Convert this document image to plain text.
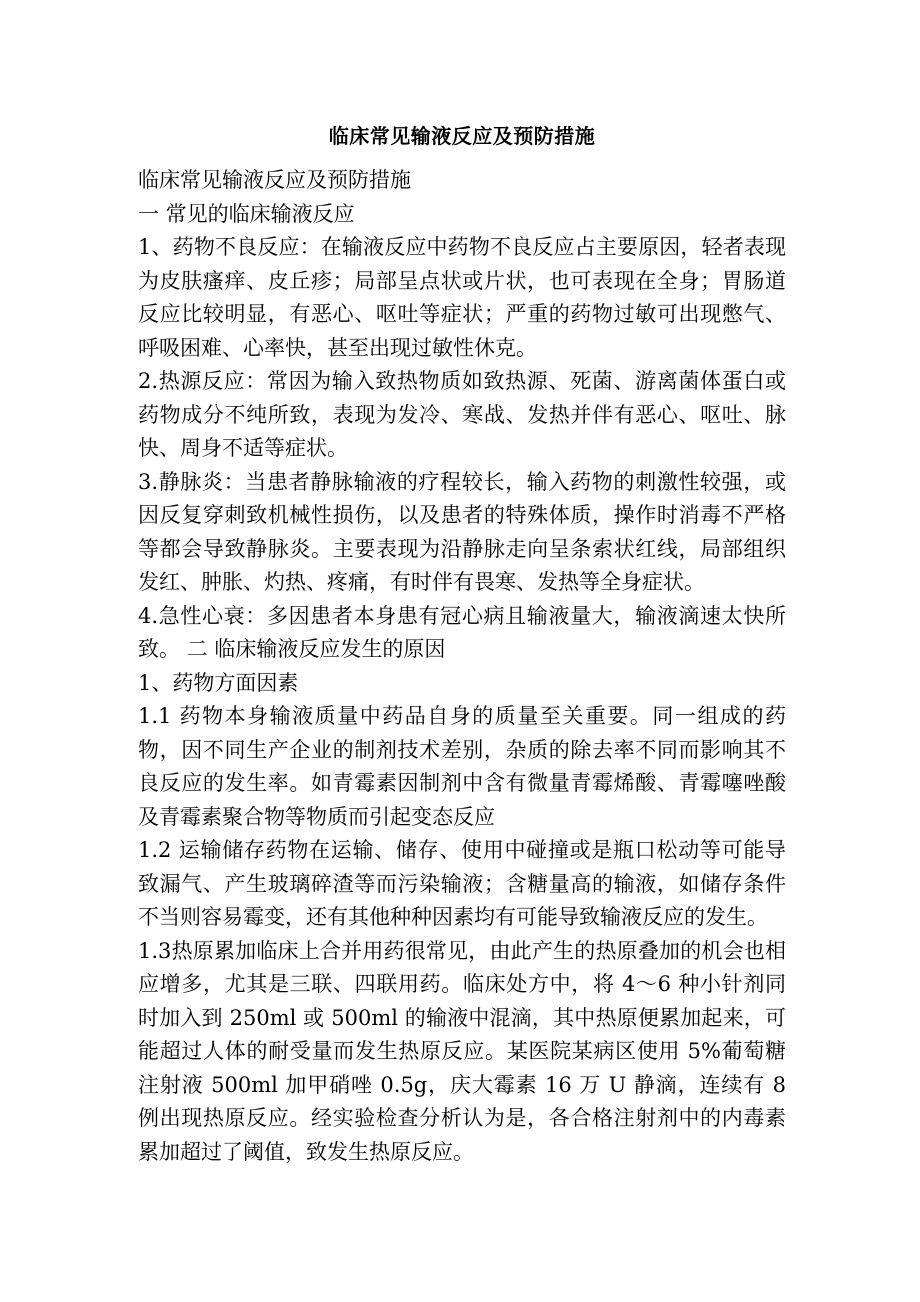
临床常见输液反应及预防措施

临床常见输液反应及预防措施

一 常见的临床输液反应

1、药物不良反应：在输液反应中药物不良反应占主要原因，轻者表现为皮肤瘙痒、皮丘疹；局部呈点状或片状，也可表现在全身；胃肠道反应比较明显，有恶心、呕吐等症状；严重的药物过敏可出现憋气、呼吸困难、心率快，甚至出现过敏性休克。

2.热源反应：常因为输入致热物质如致热源、死菌、游离菌体蛋白或药物成分不纯所致，表现为发冷、寒战、发热并伴有恶心、呕吐、脉快、周身不适等症状。

3.静脉炎：当患者静脉输液的疗程较长，输入药物的刺激性较强，或因反复穿刺致机械性损伤，以及患者的特殊体质，操作时消毒不严格等都会导致静脉炎。主要表现为沿静脉走向呈条索状红线，局部组织发红、肿胀、灼热、疼痛，有时伴有畏寒、发热等全身症状。

4.急性心衰：多因患者本身患有冠心病且输液量大，输液滴速太快所致。 二 临床输液反应发生的原因

1、药物方面因素

1.1 药物本身输液质量中药品自身的质量至关重要。同一组成的药物，因不同生产企业的制剂技术差别，杂质的除去率不同而影响其不良反应的发生率。如青霉素因制剂中含有微量青霉烯酸、青霉噻唑酸及青霉素聚合物等物质而引起变态反应

1.2 运输储存药物在运输、储存、使用中碰撞或是瓶口松动等可能导致漏气、产生玻璃碎渣等而污染输液；含糖量高的输液，如储存条件不当则容易霉变，还有其他种种因素均有可能导致输液反应的发生。

1.3热原累加临床上合并用药很常见，由此产生的热原叠加的机会也相应增多，尤其是三联、四联用药。临床处方中，将 4～6 种小针剂同时加入到 250ml 或 500ml 的输液中混滴，其中热原便累加起来，可能超过人体的耐受量而发生热原反应。某医院某病区使用 5%葡萄糖注射液 500ml 加甲硝唑 0.5g，庆大霉素 16 万 U 静滴，连续有 8 例出现热原反应。经实验检查分析认为是，各合格注射剂中的内毒素累加超过了阈值，致发生热原反应。
